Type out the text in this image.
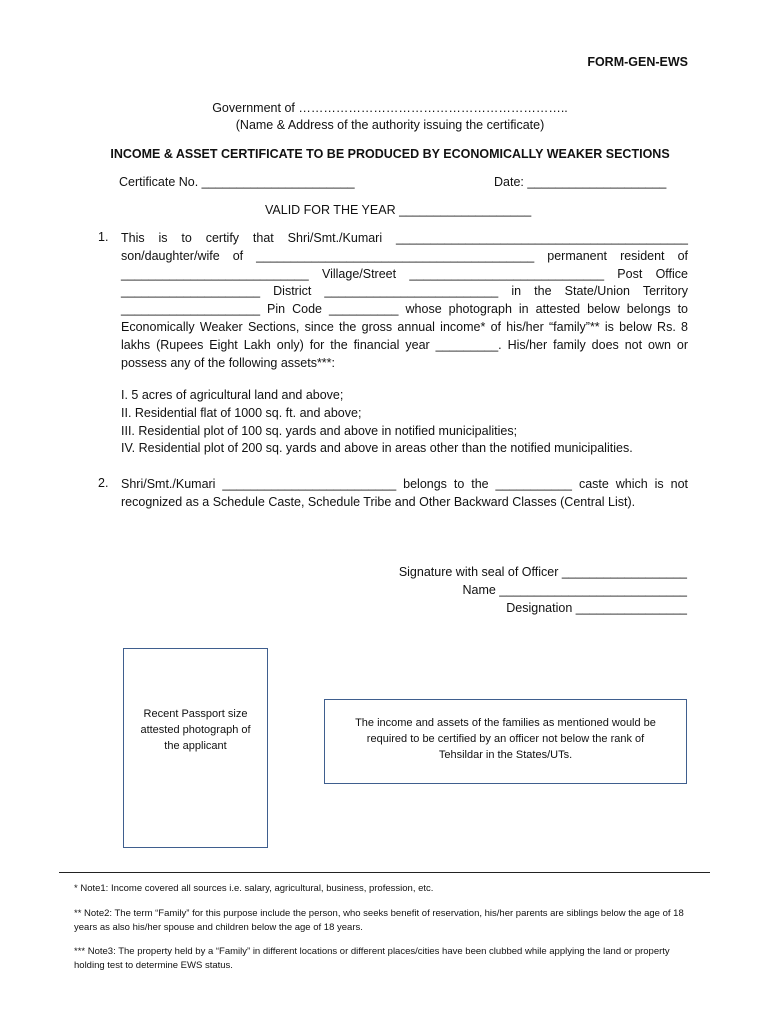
FORM-GEN-EWS
Government of ………………………………………………………..
(Name & Address of the authority issuing the certificate)
INCOME & ASSET CERTIFICATE TO BE PRODUCED BY ECONOMICALLY WEAKER SECTIONS
Certificate No. ______________________	Date: ____________________
VALID FOR THE YEAR ___________________
1. This is to certify that Shri/Smt./Kumari __________________________________________ son/daughter/wife of ________________________________________ permanent resident of ___________________________ Village/Street ____________________________ Post Office ____________________ District _________________________ in the State/Union Territory ____________________ Pin Code __________ whose photograph in attested below belongs to Economically Weaker Sections, since the gross annual income* of his/her “family”** is below Rs. 8 lakhs (Rupees Eight Lakh only) for the financial year _________. His/her family does not own or possess any of the following assets***:
I. 5 acres of agricultural land and above;
II. Residential flat of 1000 sq. ft. and above;
III. Residential plot of 100 sq. yards and above in notified municipalities;
IV. Residential plot of 200 sq. yards and above in areas other than the notified municipalities.
2. Shri/Smt./Kumari _________________________ belongs to the ___________ caste which is not recognized as a Schedule Caste, Schedule Tribe and Other Backward Classes (Central List).
Signature with seal of Officer __________________
Name ___________________________
Designation ________________
Recent Passport size
attested photograph of
the applicant
The income and assets of the families as mentioned would be
required to be certified by an officer not below the rank of
Tehsildar in the States/UTs.
* Note1: Income covered all sources i.e. salary, agricultural, business, profession, etc.
** Note2: The term “Family” for this purpose include the person, who seeks benefit of reservation, his/her parents are siblings below the age of 18 years as also his/her spouse and children below the age of 18 years.
*** Note3: The property held by a “Family” in different locations or different places/cities have been clubbed while applying the land or property holding test to determine EWS status.
